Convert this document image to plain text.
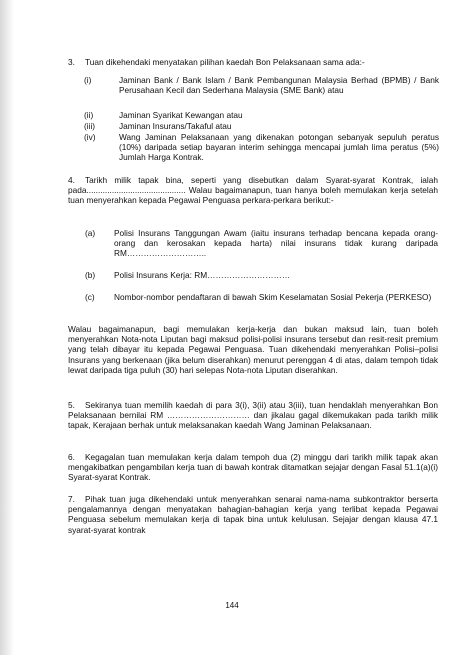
3. Tuan dikehendaki menyatakan pilihan kaedah Bon Pelaksanaan sama ada:-
(i)	Jaminan Bank / Bank Islam / Bank Pembangunan Malaysia Berhad (BPMB) / Bank Perusahaan Kecil dan Sederhana Malaysia (SME Bank) atau
(ii)	Jaminan Syarikat Kewangan atau
(iii)	Jaminan Insurans/Takaful atau
(iv)	Wang Jaminan Pelaksanaan yang dikenakan potongan sebanyak sepuluh peratus (10%) daripada setiap bayaran interim sehingga mencapai jumlah lima peratus (5%) Jumlah Harga Kontrak.
4.	Tarikh milik tapak bina, seperti yang disebutkan dalam Syarat-syarat Kontrak, ialah pada........................................... Walau bagaimanapun, tuan hanya boleh memulakan kerja setelah tuan menyerahkan kepada Pegawai Penguasa perkara-perkara berikut:-
(a) Polisi Insurans Tanggungan Awam (iaitu insurans terhadap bencana kepada orang-orang dan kerosakan kepada harta) nilai insurans tidak kurang daripada RM………………………..
(b) Polisi Insurans Kerja: RM…………………………
(c) Nombor-nombor pendaftaran di bawah Skim Keselamatan Sosial Pekerja (PERKESO)
Walau bagaimanapun, bagi memulakan kerja-kerja dan bukan maksud lain, tuan boleh menyerahkan Nota-nota Liputan bagi maksud polisi-polisi insurans tersebut dan resit-resit premium yang telah dibayar itu kepada Pegawai Penguasa. Tuan dikehendaki menyerahkan Polisi–polisi Insurans yang berkenaan (jika belum diserahkan) menurut perenggan 4 di atas, dalam tempoh tidak lewat daripada tiga puluh (30) hari selepas Nota-nota Liputan diserahkan.
5.	Sekiranya tuan memilih kaedah di para 3(i), 3(ii) atau 3(iii), tuan hendaklah menyerahkan Bon Pelaksanaan bernilai RM ………………………… dan jikalau gagal dikemukakan pada tarikh milik tapak, Kerajaan berhak untuk melaksanakan kaedah Wang Jaminan Pelaksanaan.
6.	Kegagalan tuan memulakan kerja dalam tempoh dua (2) minggu dari tarikh milik tapak akan mengakibatkan pengambilan kerja tuan di bawah kontrak ditamatkan sejajar dengan Fasal 51.1(a)(i) Syarat-syarat Kontrak.
7.	Pihak tuan juga dikehendaki untuk menyerahkan senarai nama-nama subkontraktor berserta pengalamannya dengan menyatakan bahagian-bahagian kerja yang terlibat kepada Pegawai Penguasa sebelum memulakan kerja di tapak bina untuk kelulusan. Sejajar dengan klausa 47.1 syarat-syarat kontrak
144
